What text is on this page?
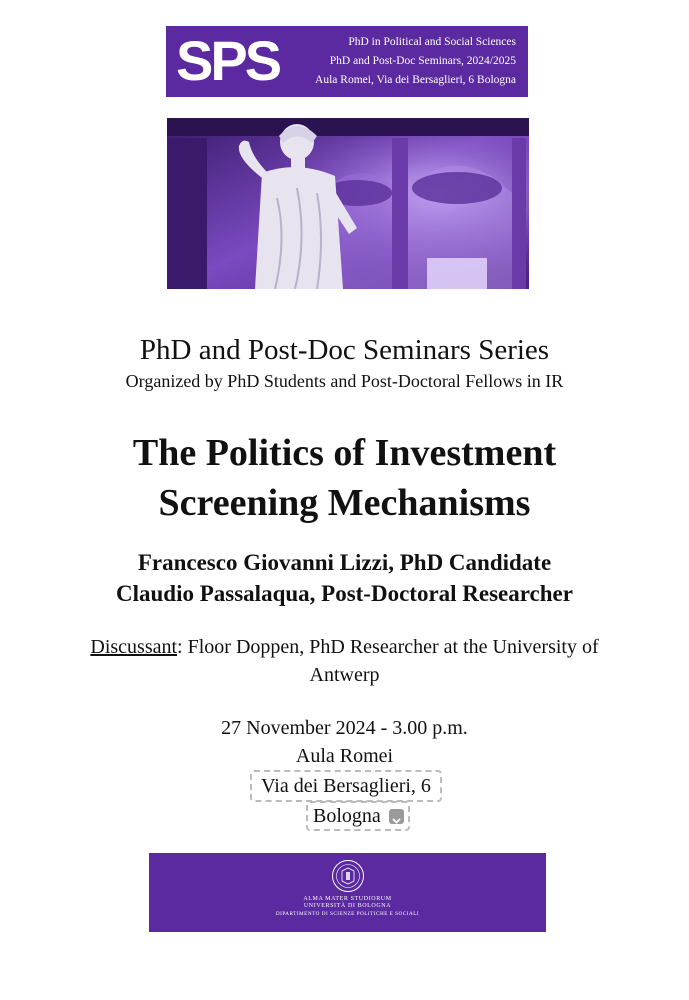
SPS	PhD in Political and Social Sciences
PhD and Post-Doc Seminars, 2024/2025
Aula Romei, Via dei Bersaglieri, 6 Bologna
PhD and Post-Doc Seminars Series
Organized by PhD Students and Post-Doctoral Fellows in IR
The Politics of Investment
Screening Mechanisms
Francesco Giovanni Lizzi, PhD Candidate
Claudio Passalaqua, Post-Doctoral Researcher
Discussant: Floor Doppen, PhD Researcher at the University of Antwerp
27 November 2024 - 3.00 p.m.
Aula Romei
Via dei Bersaglieri, 6
Bologna
ALMA MATER STUDIORUM
UNIVERSITÀ DI BOLOGNA
DIPARTIMENTO DI SCIENZE POLITICHE E SOCIALI
